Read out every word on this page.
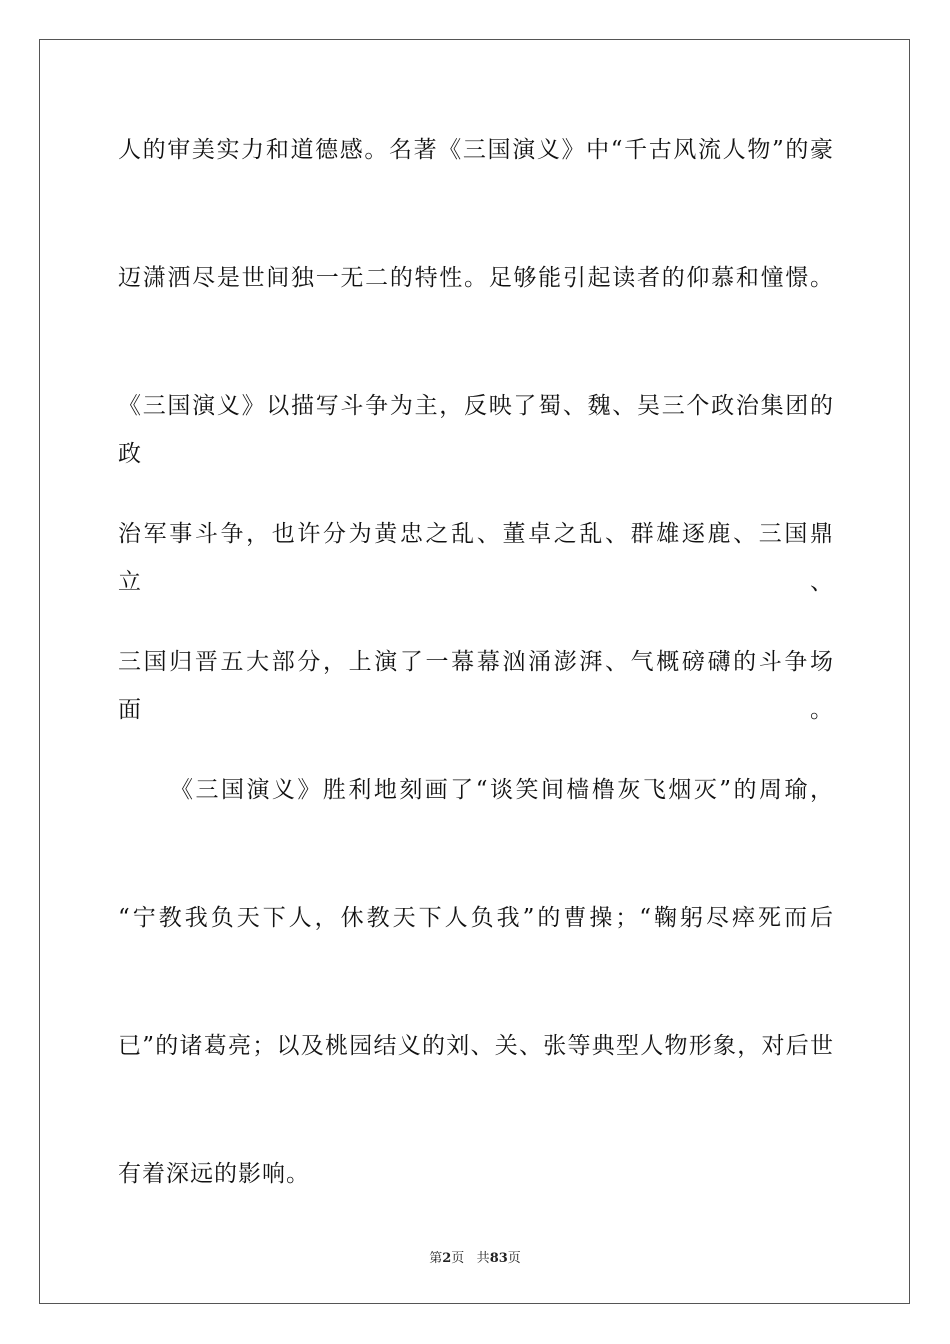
人的审美实力和道德感。名著《三国演义》中“千古风流人物”的豪
迈潇洒尽是世间独一无二的特性。足够能引起读者的仰慕和憧憬。
《三国演义》以描写斗争为主，反映了蜀、魏、吴三个政治集团的政
治军事斗争，也许分为黄忠之乱、董卓之乱、群雄逐鹿、三国鼎立、
三国归晋五大部分，上演了一幕幕汹涌澎湃、气概磅礴的斗争场面。
《三国演义》胜利地刻画了“谈笑间樯橹灰飞烟灭”的周瑜，
“宁教我负天下人，休教天下人负我”的曹操；“鞠躬尽瘁死而后
已”的诸葛亮；以及桃园结义的刘、关、张等典型人物形象，对后世
有着深远的影响。
第2页 共83页
